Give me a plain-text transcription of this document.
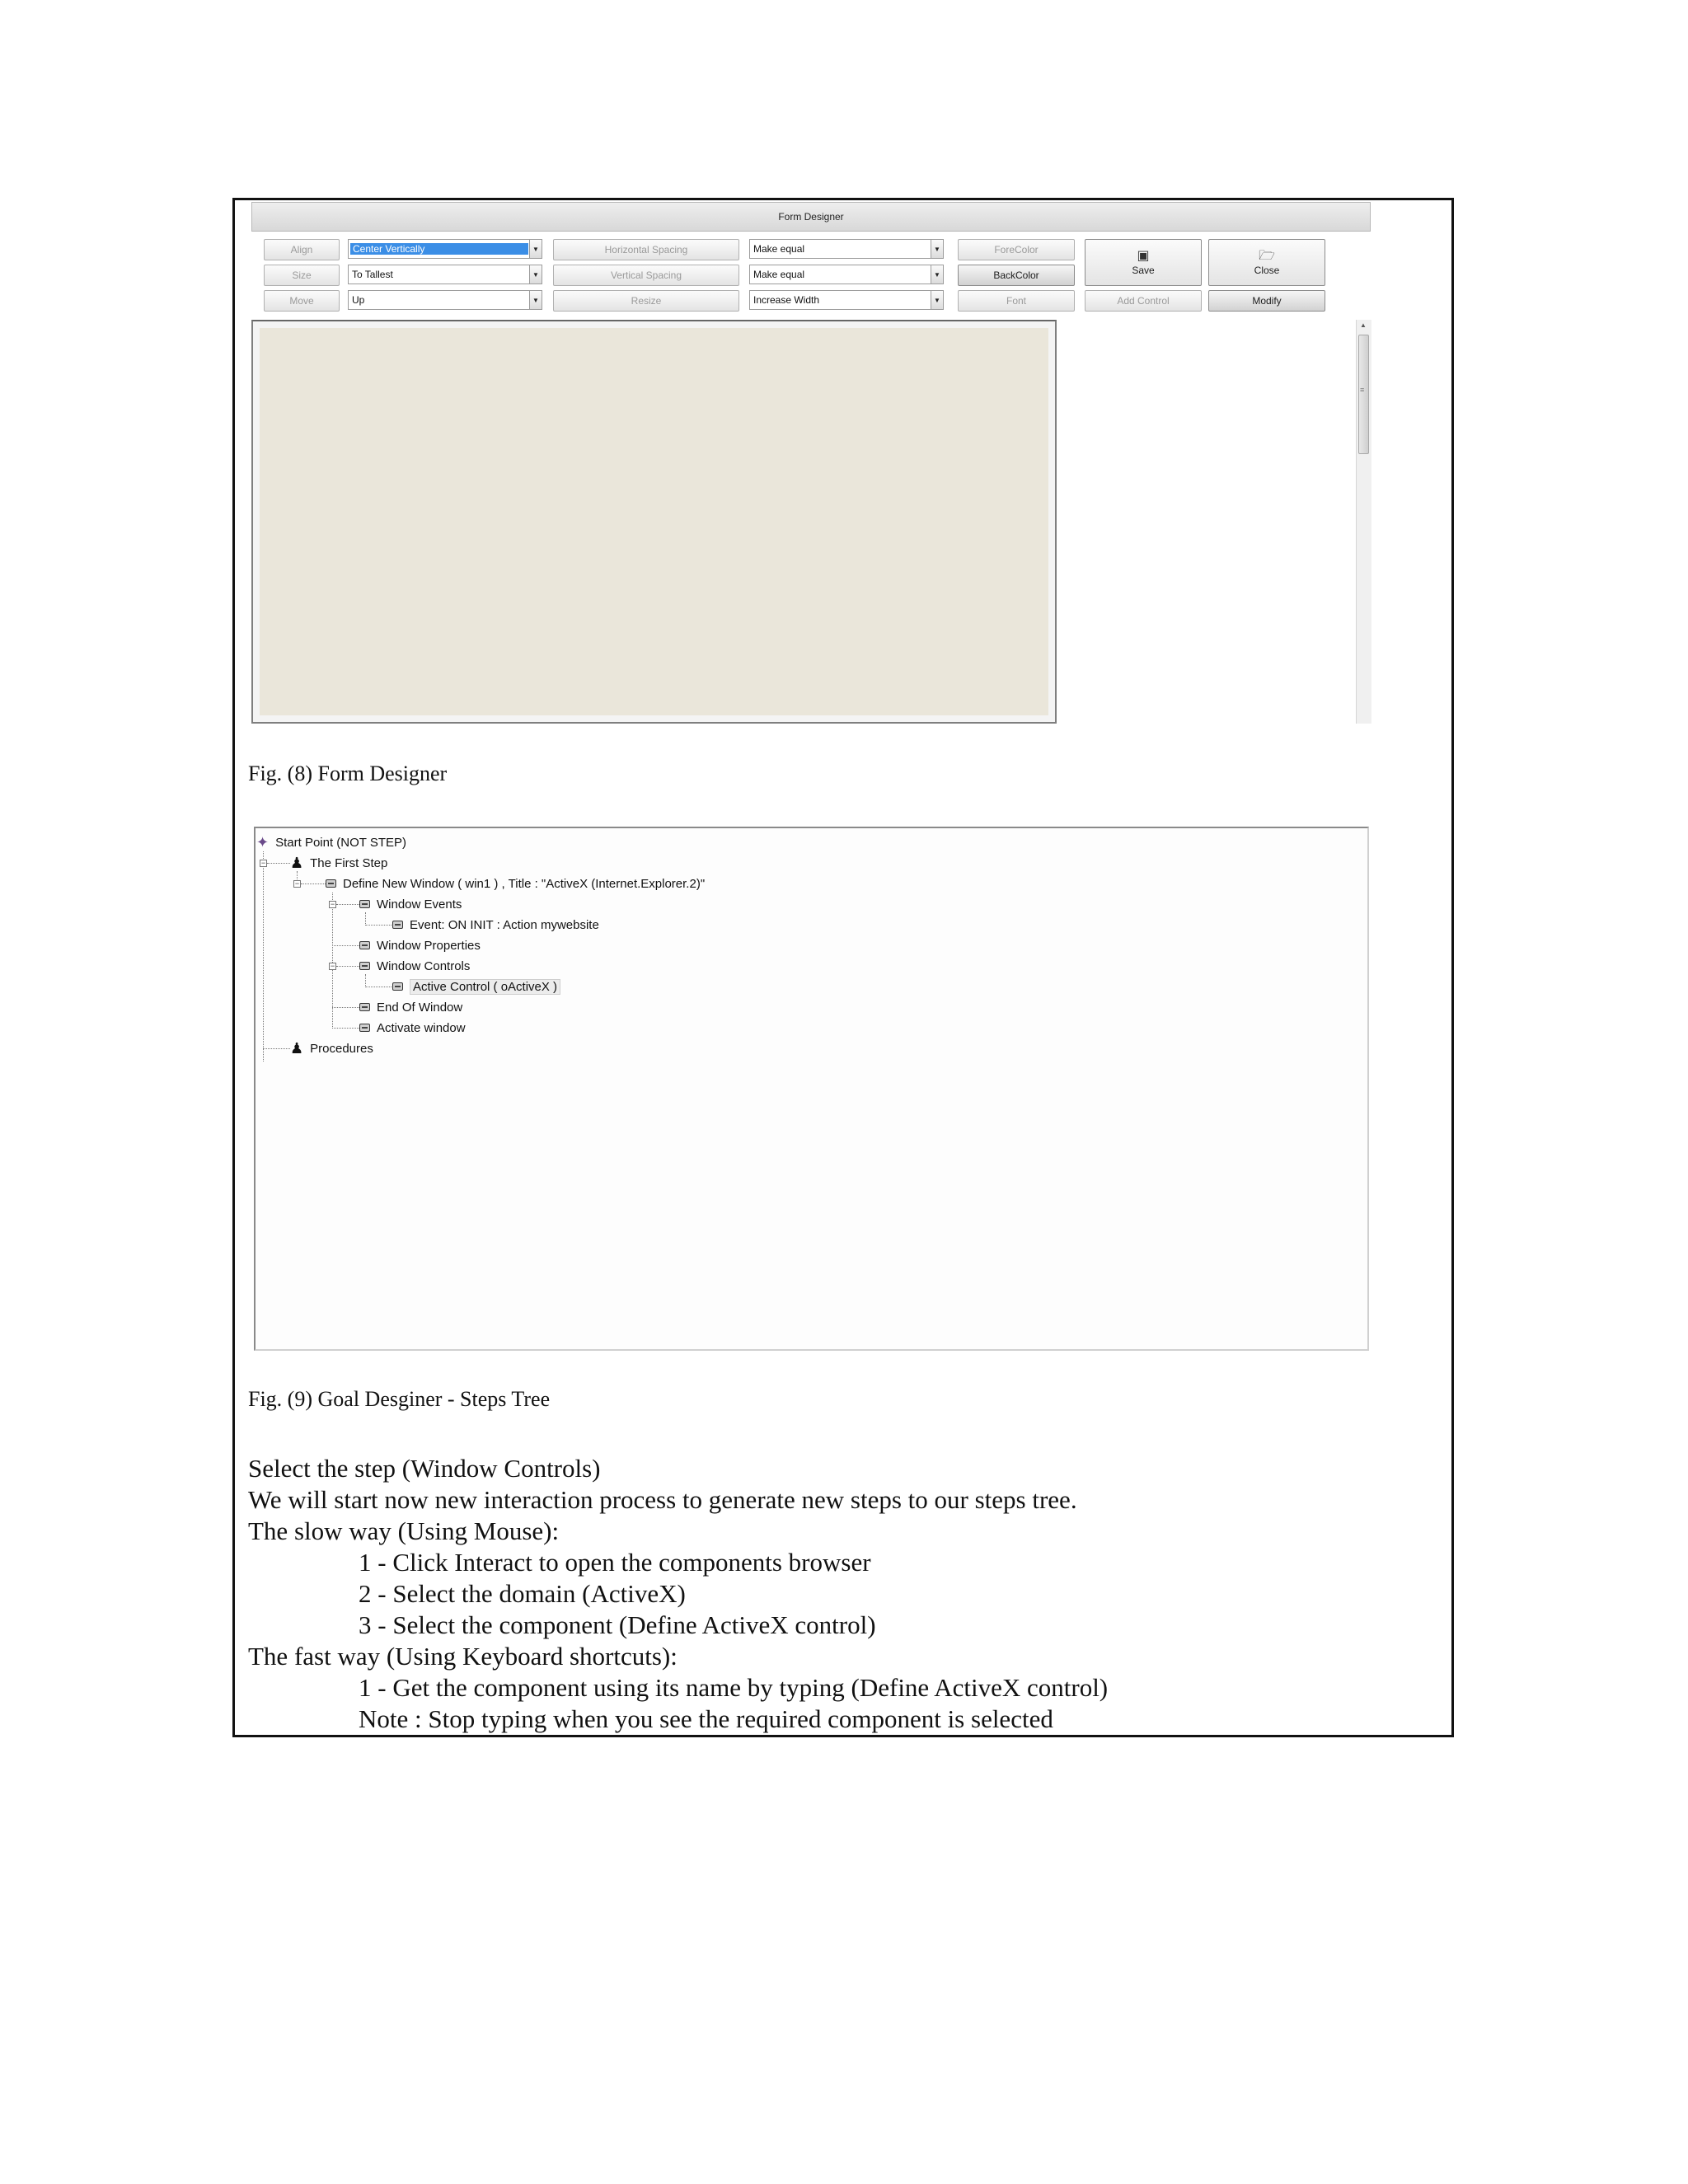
Form Designer
Align
Size
Move
Center Vertically	▼
To Tallest	▼
Up	▼
Horizontal Spacing
Vertical Spacing
Resize
Make equal	▼
Make equal	▼
Increase Width	▼
ForeColor
BackColor
Font
▣
Save
🗁
Close
Add Control	Modify
▲
≡
Fig. (8) Form Designer
−
−
−
−
✦ Start Point (NOT STEP)
♟ The First Step
Define New Window ( win1 ) , Title : "ActiveX (Internet.Explorer.2)"
Window Events
Event: ON INIT : Action mywebsite
Window Properties
Window Controls
Active Control ( oActiveX )
End Of Window
Activate window
♟ Procedures
Fig. (9) Goal Desginer - Steps Tree
Select the step (Window Controls)
We will start now new interaction process to generate new steps to our steps tree.
The slow way (Using Mouse):
1 - Click Interact to open the components browser
2 - Select the domain (ActiveX)
3 - Select the component (Define ActiveX control)
The fast way (Using Keyboard shortcuts):
1 - Get the component using its name by typing (Define ActiveX control)
Note : Stop typing when you see the required component is selected
